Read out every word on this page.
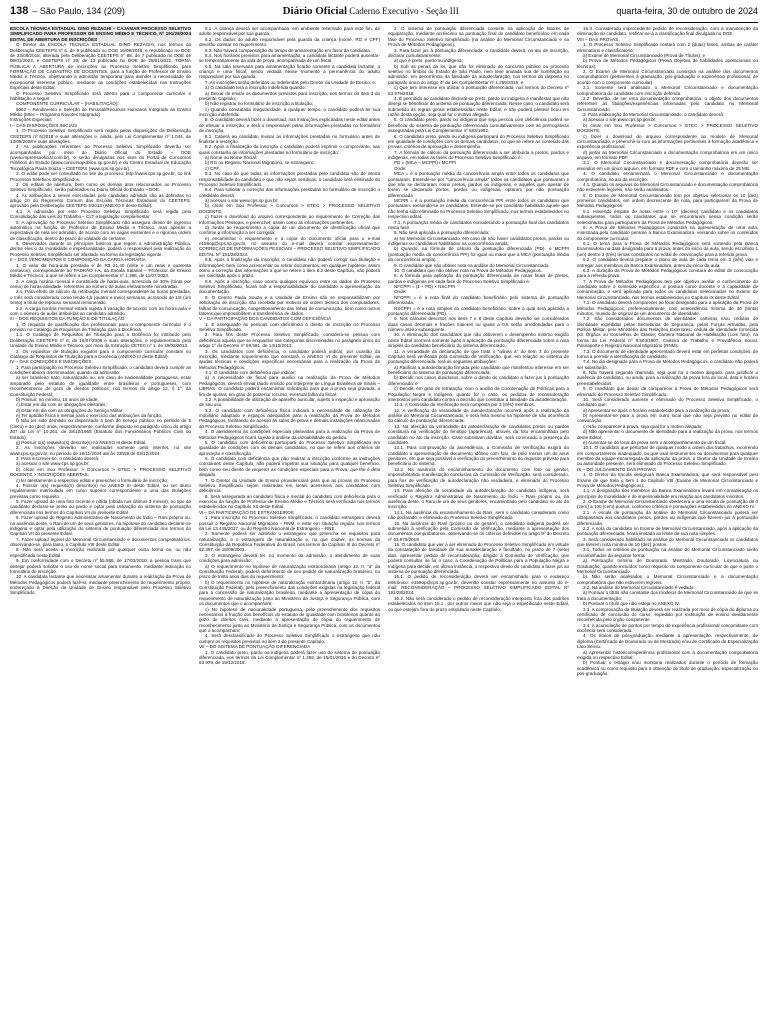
138 – São Paulo, 134 (209)	Diário Oficial Caderno Executivo - Seção III	quarta-feira, 30 de outubro de 2024

ESCOLA TÉCNICA ESTADUAL GINO REZAGHI – CAJAMAR PROCESSO SELETIVO SIMPLIFICADO PARA PROFESSOR DE ENSINO MÉDIO E TÉCNICO, Nº 191/28/2024 EDITAL DE ABERTURA DE INSCRIÇÕES

O Diretor da ESCOLA TÉCNICA ESTADUAL GINO REZAGHI, nos termos da Deliberação CEETEPS nº 6, de 9 publicado no DOE 16/08/2018, e republicado no DOE de 23/08/2018, alterada pela Deliberação CEETEPS nº 88, de 7 publicado no DOE de 09/01/2023, e CEETEPS nº 29, de 13 publicado no DOE de 28/01/2022, TORNA PÚBLICA A ABERTURA de inscrições ao Processo Seletivo Simplificado para FORMAÇÃO DE CADASTRO DE DOCENTES, para a função de Professor de Ensino Médio e Técnico, objetivando a admissão temporária para atender a necessidade de excepcional interesse público, mediante as condições estabelecidas nas Instruções Especiais deste Edital.

O Processo Seletivo Simplificado será aberto para o componente curricular e habilitação a seguir:

COMPONENTE CURRICULAR – (HABILITAÇÃO):

5062 – Rendimento e Seleção de Pessoal/Recursos Humanos Integrado ao Ensino Médio (Mtec – Programa Novotec Integrado)

Instruções Especiais

I – DAS DISPOSIÇÕES INICIAIS

1. O Processo Seletivo Simplificado será regido pelas disposições da Deliberação CEETEPS nº 6/2018 e suas alterações e, ainda, pelo Lei Complementar nº 1.044, de 13/05/2008 e suas alterações.

2. As publicações referentes ao Processo Seletivo Simplificado deverão ser acompanhadas por meio do Diário Oficial do Estado – DOE (www.imprensaoficial.com.br), e serão divulgadas nos sites do Portal de Concursos Públicos do Estado (www.concursopublico.sp.gov.br) e do Centro Estadual de Educação Tecnológica Paula Souza – CEETEPS (www.cps.sp.gov.br).

3. O edital pode ser consultado no site do processo: http://www.cps.sp.gov.br, no link Processos Seletivos Simplificados.

3. Os editais de abertura, bem como os demais atos relacionados ao Processo Seletivo Simplificado, serão publicados no Diário Oficial do Estado – DOE.

4. As atribuições a serem executadas pelo candidato admitido são as definidas no artigo 10 do Regimento Comum das Escolas Técnicas Estaduais do CEETEPS, aprovado pela Deliberação CEETEPS 3/2013 (ANEXO II deste Edital).

4.1. A admissão por este Processo Seletivo Simplificado será regida pela Consolidação das Leis do Trabalho – CLT e legislação complementar.

5. A aprovação no Processo Seletivo Simplificado não assegura direito de ingresso automático na função de Professor de Ensino Médio e Técnico, mas apenas a expectativa de nela ser admitido, de acordo com as vagas existentes e a rigorosa ordem de classificação, dentro do prazo de validade do certame.

6. Observados durante os princípios básicos que regem a Administração Pública, dentre eles o da moralidade e impessoalidade, poderá o responsável pela realização do Processo Seletivo Simplificado ser afastado na forma da legislação vigente.

II – DOS VENCIMENTOS E COMPOSIÇÃO DA CARGA-HORÁRIA

1. O valor da hora-aula prestada é de R$ 21,40 (vinte e um reais e quarenta centavos), correspondente ao PADRÃO I-A, da Escala Salarial – Professor de Ensino Médio e Técnico, a que se refere a Lei Complementar nº 1.388, de 11/07/2023.

2. A carga horária mensal é constituída de horas-aula, acrescida de 30% (trinta por cento) de horas-atividade, referentes ao número de aulas efetivamente ministradas.

2.1. Para efeito de cálculo da retribuição mensal correspondente às horas prestadas, o mês será considerado como tendo 4,5 (quatro e meio) semanas, acrescido de 1/6 (um sexto) a título de repouso semanal remunerado.

2.2. A carga horária mensal estará sujeita à variação de acordo com as horas-aula e com o número de aulas atribuídas ao candidato admitido.

III – DOS REQUISITOS DA FUNÇÃO E DE TITULAÇÃO

1. O requisito de qualificação dos profissionais para o componente curricular é o previsto no Catálogo de Requisitos de Titulação para a Docência.

1.1. O Catálogo de Requisitos de Titulação para a Docência foi instituído pelo Deliberação CEETEPS nº 6, de 16/07/2008 e suas alterações, e regulamentado pela Unidade do Ensino Médio e Técnico, por meio da Instrução CETEC nº 1, de 19/02/2013.

2. Os requisitos de titulação exigidos para o componente curricular constam no Catálogo de Requisitos de Titulação para a Docência (ANEXO III deste Edital).

IV – DAS CONDIÇÕES E INSCRIÇÕES

1. Para participação no Processo Seletivo Simplificado, o candidato deverá cumprir as condições abaixo discriminadas, quando da admissão:

a) ser brasileiro nato, naturalizado ou, em caso de nacionalidade portuguesa, estar amparado pelo estatuto de igualdade entre brasileiros e portugueses, com reconhecimento do gozo de direitos políticos, nos termos do artigo 12, § 1º, da Constituição Federal;

b) Possuir, no mínimo, 18 anos de idade;

c) Estar em dia com as obrigações eleitorais;

d) Estar em dia com as obrigações do Serviço Militar;

e) Ter aptidão física e mental para o exercício das atribuições da função;

f) Não ter sido demitido ou dispensado a bem do serviço público, no período de 5 (cinco) e 10 (dez) anos, respectivamente, conforme disposto no parágrafo único do artigo 307 da Lei nº 10.261, de 28/10/1968 (Estatuto dos Funcionários Públicos Civis do Estado);

g) Possuir o(s) requisito(s) descrito(s) no ANEXO III deste Edital.

2. As inscrições deverão ser realizadas somente pela internet, no site www.cps.sp.gov.br, no período de 19/11/2024 até às 23h59 de 03/12/2024.

3. Para inscrever-se, o candidato deverá:

a) acessar o site www.cps.sp.gov.br;

b) clicar em Sou Professor > Concursos > ETEC > PROCESSO SELETIVO DOCENTE > INSCRIÇÕES ABERTAS;

c) ler atentamente o respectivo edital e preencher o formulário de inscrição;

4. Possuir o(s) requisito(s) descrito(s) no ANEXO III deste Edital, ou ser aluno regularmente matriculado em curso superior correspondente a uma das titulações previstas como requisito.

5. Fazer upload de uma foto recente e nítida (obtida nos últimos 3 meses), no tipo de candidato declarar-se preto ou pardo e optar pela utilização do sistema de pontuação diferenciada nos termos do Capítulo VII do presente Edital.

6. Fazer upload do Registro Administrativo de Nascimento do Índio – Rani próprio ou, na ausência deste, o Rani de um de seus genitores, na hipótese do candidato declarar-se indígena e optar pela utilização do sistema de pontuação diferenciada nos termos do Capítulo VII do presente Edital.

7. Fazer upload legível do Memorial Circunstanciado e documentos comprobatórios, observando-se, para tanto, o Capítulo VIII deste Edital.

8. Não será aceita a inscrição realizada por qualquer outra forma ou, ou não especificada neste Edital.

9. Em conformidade com o Decreto nº 55.588, de 17/03/2010, a pessoa trans que desejar poderá solicitar o uso do nome social para tratamento, mediante indicação no formulário de inscrição.

10. A candidata lactante que necessitar amamentar durante a realização da Prova de Métodos Pedagógicos poderá fazê-lo, mediante preenchimento de requerimento próprio, endereçado à Direção da Unidade de Ensino responsável pelo Processo Seletivo Simplificado.

6.1. A criança deverá ser acompanhada, em ambiente reservado para este fim, de adulto responsável por sua guarda.

6.2. Os dados do adulto responsável pela guarda da criança (nome, RG e CPF) deverão constar no requerimento.

6.3. Não haverá compensação do tempo de amamentação em favor da candidata.

6.4. Nos horários previstos para amamentação, a candidata lactante poderá ausentar-se temporariamente da sala de prova, acompanhada de um fiscal.

6.5. Na sala reservada para amamentação ficarão somente a candidata lactante, a criança e uma fiscal, sendo vedada nesse momento a permanência do adulto responsável por sua guarda.

7. As inscrições serão deferidas ou indeferidas pelo Diretor da Unidade de Ensino, e:

a) O candidato terá a inscrição indeferida quando:

a) Deixar de enviar os documentos previstos para inscrição, nos termos do item 3 do presente Capítulo;

b) Não registrar no formulário de inscrição a titulação;

c) Quando constatada irregularidade, a qualquer tempo, o candidato poderá ter sua inscrição indeferida.

8. O candidato deverá fazer o download, nas instruções explicitadas neste edital antes de efetuar a inscrição, e será o responsável pelas informações prestadas no formulário de inscrição.

8.1. Caberá ao candidato revisar as informações prestadas no formulário antes de finalizar a inscrição.

8.2. Após a finalização da inscrição o candidato poderá imprimir o comprovante, nas quais constarão as informações prestadas no formulário de inscrição:

a) Nome ou Nome Social;

b) RG ou Registro Nacional Migratório, se estrangeiro;

c) CPF.

8.3. No caso de que todas as informações prestadas pelo candidato são de inteira responsabilidade do candidato e que não sejam verídicas, o candidato será eliminado do Processo Seletivo Simplificado.

8.4. Para solicitar a correção das informações prestadas no formulário de inscrição o candidato deverá:

a) acessar o site www.cps.sp.gov.br;

b) clicar em Sou Professor > Concursos > ETEC > PROCESSO SELETIVO DOCENTE;

c) Fazer o download do arquivo correspondente ao requerimento de Correção das Informações Pessoais, e preencher, assim como as informações pertinentes.

d) Juntar ao requerimento a cópia de um documento de identificação oficial que confirme a informação a ser corrigida;

e) encaminhar o requerimento e a cópia do documento oficial para o e-mail e159op@cps.sp.gov.br, no assunto do e-mail deverá constar expressamente: CORREÇÃO DE INFORMAÇÕES PESSOAIS – PROCESSO SELETIVO SIMPLIFICADO EDITAL Nº 191/28/2024.

8.5. Após a finalização da inscrição, o candidato não poderá corrigir sua titulação e informações, bem como acrescentar ou retirar documentos, em qualquer hipótese, assim como a correção das informações a que se refere o item 8.2 deste Capítulo, não poderá ser solicitada após o prazo.

8.6. Após a inscrição, caso ocorra qualquer equívoco entre os dados do Processo Seletivo Simplificado, ficará sob a responsabilidade do candidato a apresentação da documentação.

9. O Centro Paula Souza e a Unidade de Ensino não se responsabilizam por solicitação de inscrição não recebida por motivos de ordem técnica dos computadores, falhas de comunicação, congestionamento das linhas de comunicação, bem como outros fatores que impossibilitem a transferência de dados.

V – DA PARTICIPAÇÃO DOS CANDIDATOS COM DEFICIÊNCIA

1. É assegurado às pessoas com deficiência o direito de inscrição no Processo Seletivo Simplificado.

2. Para fins deste Processo Seletivo Simplificado, considera-se pessoa com deficiência aquela que se enquadrar nas categorias discriminadas no parágrafo único do artigo 1º do Decreto nº 59.591, de 14/10/2013.

3. Os candidatos com deficiência, o candidato poderá indicar, por ocasião da inscrição, mediante requerimento que constará, o ANEXO VI do presente Edital, as ajudas técnicas e condições específicas necessárias para a realização da Prova de Métodos Pedagógicos.

3.1. O candidato com deficiência que indicar:

a) A necessidade de fiscal para auxílio na realização da Prova de Métodos Pedagógicos, deverá enviar laudo emitido por intérprete de Língua Brasileira de Sinais – LIBRAS. O candidato poderá encaminhar solicitação para que a prova seja gravada, a fim de ajustar, em grau de posterior recurso, eventual falha do fiscal.

3.2. A possibilidade de utilização de aparelho auricular, sujeito à inspeção e aprovação de seu uso.

3.3. O candidato com deficiência física indicará a necessidade de utilização de mobiliário adaptado e espaços adequados para a realização da Prova de Métodos Pedagógicos, facilitando de acesso às salas de prova e demais instalações relacionadas ao Processo Seletivo Simplificado.

4. O atendimento às condições especiais pleiteadas para a realização da Prova de Métodos Pedagógicos ficará sujeito à análise da razoabilidade do pedido.

5. O candidato com deficiência participará do Processo Seletivo Simplificado em igualdade de condições com os demais candidatos, no que se referir aos critérios de aprovação e classificação.

6. O candidato com deficiência que não realizar a inscrição conforme as instruções constantes deste Capítulo, não poderá impetrar sua situação para qualquer benefício, bem como seu direito de requerer as condições especiais para a Prova, que lhe é dela alegado.

7. O Diretor da Unidade de Ensino providenciará para que as provas do Processo Seletivo Simplificado sejam realizadas em locais acessíveis aos candidatos com deficiência.

8. Será assegurada ao candidato física e mental do candidato com deficiência para o exercício da função de Professor de Ensino Médio e Técnico será verificada nos termos estabelecidos no Capítulo XII deste Edital.

VI – DA PARTICIPAÇÃO DE ESTRANGEIROS

1. Para inscrição no Processo Seletivo Simplificado, o candidato estrangeiro deverá possuir o Registro Nacional Migratório – RNM, e estar em situação regular, nos termos da Lei 13.445/2017, ou do Registro Nacional de Estrangeiro – RNE.

2. Somente poderá ser admitido o estrangeiro que preencha os requisitos para naturalização, e o estrangeiro de naturalização e, no que couber, as normas da Constituição da República Federativa do Brasil, nos termos do Capítulo III do Decreto nº 62.397, de 15/09/2001.

3. O estrangeiro deverá ter, no momento da admissão, o atendimento de suas condições para admissão:

a) O requerimento no hipótese de naturalização extraordinária (artigo 12, II, "a" da Constituição Federal), poderá deferimento de seu pedido de naturalização brasileiro, no prazo de trinta anos dias do requerimento;

b) O requerimento no hipótese de naturalização extraordinária (artigo 12, II, "b", da Constituição Federal), pelo preenchimento das condições exigidas na legislação federal para a concessão de naturalização brasileira, mediante a apresentação de cópia do requerimento de naturalização junto ao Ministério da Justiça e Segurança Pública, com os documentos que o acompanham;

c) No hipótese de nacionalidade portuguesa, pelo preenchimento dos requisitos necessários à fruição dos benefícios do estatuto de igualdade com brasileiros quanto ao gozo de direitos civis, mediante a apresentação de cópia do requerimento de reconhecimento junto ao Ministério da Justiça e Segurança Pública, com os documentos que o acompanham;

4. Será desclassificado do Processo Seletivo Simplificado o estrangeiro que não cumprir os requisitos previstos no item 2 do presente Capítulo.

VII – DO SISTEMA DE PONTUAÇÃO DIFERENCIADA

1. O candidato preto, pardo ou indígena poderá fazer uso do sistema de pontuação diferenciada, nos termos da Lei Complementar nº 1.259, de 15/01/2015 e do Decreto nº 63.979, de 19/12/2018.

2. O sistema de pontuação diferenciada consiste na aplicação de fatores de equiparação, mediante acréscimo na pontuação final do candidato beneficiário em cada fase do Processo Seletivo Simplificado (na análise do Memorial Circunstanciado e na Prova de Métodos Pedagógicos).

3. Para fazer jus à pontuação diferenciada, o candidato deverá, no ato de inscrição, declarar cumulativamente:

a) que é preto, pardo ou indígena;

b) Sob as penas da lei, que não foi eliminado de concurso público ou processo seletivo no âmbito do Estado de São Paulo, nem teve anulada sua de nomeação ou admissão, em decorrência da falsidade da autodeclaração, nos termos do disposto no parágrafo único do artigo 4º da Lei Complementar nº 1.259/2015; e

c) Que tem interesse em utilizar a pontuação diferenciada, nos termos do Decreto nº 63.979/2018.

4. É permitido ao candidato declarar-se preto, pardo ou indígena e manifestar que não deseja se beneficiar do sistema de pontuação diferenciada. Nesse caso, o candidato será submetido às regras gerais estabelecidas neste Edital, e não poderá pleitear ficou em razão desta opção, seja qual for o motivo alegado.

5. O candidato preto, pardo ou indígena que seja pessoa com deficiência poderá se beneficiar do sistema de pontuação diferenciada cumulativamente com as prerrogativas asseguradas pela Lei Complementar nº 683/1992.

6. O candidato preto, pardo ou indígena participará do Processo Seletivo Simplificado em igualdade de condições com os demais candidatos, no que se refere ao conteúdo das provas, critérios de aprovação e desempenho.

7. A fórmula de cálculo da pontuação diferenciada a ser atribuída a pretos, pardos e indígenas, em todas as fases do Processo Seletivo Simplificado é:

PD = (MCA – MCPPI) / MCPPI

Onde:

MCA = é a pontuação média da concorrência ampla entre todos os candidatos que pontuaram. Entende-se por "concorrência ampla" todos os candidatos que pontuaram e que não se declararam como pretos, pardos ou indígenas, e aqueles que, apesar de terem se declarado pretos, pardos ou indígenas, optaram por não pontuação diferenciada.

MCPPI = é a pontuação média da concorrência PPI entre todos os candidatos que pontuaram, excluindo-se os candidatos. Entende-se por candidato habilitado aquele que não tenha sido eliminado no Processo Seletivo Simplificado, nos termos estabelecidos no respectivo edital.

7.1. A pontuação média de candidatos considerando a pontuação final dos candidatos nesta fase.

8. Não será aplicada a pontuação diferenciada:

a) No Memorial Circunstanciado, em caso de não haver candidatos pretos, pardos ou indígenas ou candidatos habilitados na concorrência ampla;

b) Quando, na fórmula de cálculo da pontuação diferenciada (PD), o MCPPI (pontuação média da concorrência PPI) for igual ou maior que a MCA (pontuação média da concorrência ampla).

9. O candidato que não obtiver nota na análise do Memorial Circunstanciado.

10. O candidato que não obtiver nota na Prova de Métodos Pedagógicos.

8. A fórmula para aplicação da pontuação diferenciada às notas finais de pretos, pardos e indígenas em cada fase do Processo Seletivo Simplificado é:

NFCPPI = (1 + PD) × NSCPPI

Onde:

NFCPPI = é a nota final do candidato beneficiário pelo sistema de pontuação diferenciada.

NSCPPI = é a nota simples do candidato beneficiário, sobre a qual será aplicada a pontuação diferenciada (PD).

9. Nos cálculos descritos nos itens 7 e 8 deste Capítulo deverão ser considerados duas casas decimais e frações maiores ou iguais a 0,5 serão arredondadas para o número inteiro subsequente.

10. A eliminação dos candidatos que não obtiverem o desempenho mínimo exigido neste Edital ocorrerá somente após a aplicação da pontuação diferenciada sobre a nota simples do candidato beneficiário do sistema diferenciado.

11. A veracidade da declaração de que trata o "alínea a" do item 3 do presente Capítulo será verificada pela Comissão de Verificação, que, em relação ao sistema de pontuação diferenciada, terá as seguintes atribuições:

a) Ratificar a autodeclaração firmada pelo candidato que manifestou interesse em ser beneficiário do sistema de pontuação diferenciada;

b) Decidir nos casos duvidosos, sobre o direito do candidato a fazer jus à pontuação diferenciada; e

c) Decidir, em grau de retratação, com o auxílio da Coordenação de Políticas para a População Negra e Indígena, quanto for o caso, os pedidos de reconsideração interpostos pelo candidato contra a decisão que constatar a falsidade da autodeclaração.

11.1. A Comissão de Verificação será composta por 3 (três) membros.

12. A verificação da veracidade da autodeclaração ocorrerá após a realização da análise do Memorial Circunstanciado, e será feita mesmo na hipótese de não ocorrência do cálculo da pontuação diferenciada.

13. Na aferição da veracidade da autodeclaração de candidatos pretos ou pardos constituirá na verificação do fenótipo (aparência), através da foto encaminhada pelo candidato no ato da inscrição. Caso subsistam dúvidas, será convocado a presença do candidato.

13.1. Para comprovação da ascendência, a Comissão de Verificação exigirá do candidato a apresentação de documento idôneo com foto, de pelo menos um de seus genitores, em que seja possível a verificação do preenchimento do requisito previsto para beneficiário do sistema.

13.2. Na ausência do encaminhamento do documento com foto ou genitor, impossibilitando manifestação conclusiva da Comissão de Verificação, será considerado, para fins de verificação de autodeclaração não verdadeira, e eliminado do Processo Seletivo Simplificado.

14. Para aferição da veracidade da autodeclaração do candidato indígena, será verificado o Registro Administrativo de Nascimento do Índio – Rani próprio ou, na ausência deste, o Rani de um de seus genitores, encaminhado pelo candidato no ato da inscrição.

14.1. Na ausência do encaminhamento do Rani, será o candidato considerado como não declarado, e eliminado do Processo Seletivo Simplificado.

15. Na ausência do Rani (próprio ou do genitor), o candidato indígena poderá ser submetido à verificação pela Comissão de Verificação, mediante a apresentação dos documentos comprobatórios, observando-se os critérios definidos no artigo 9º do Decreto nº 63.979/2018.

16. O candidato que vier a ser eliminado do Processo Seletivo Simplificado em virtude da constatação de falsidade de sua autodeclaração e facultado, no prazo de 7 (sete) dias, apresentar pedido de reconsideração, dirigido à Comissão de Verificação, que poderá consultar, se for o caso, a Coordenação de Políticas para a População Negra e Indígena para decidir, em última instância, o respectivo direito do candidato a fazer jus ao sistema de pontuação diferenciada.

16.1. O pedido de reconsideração deverá ser encaminhado para o endereço eletrônico: e159op@cps.sp.gov.br, devendo constar expressamente no assunto do e-mail: RECONSIDERAÇÃO – PROCESSO SELETIVO SIMPLIFICADO EDITAL Nº 191/28/2024.

16.2. Não será considerado o pedido de reconsideração interposto fora dos padrões estabelecidos no item 15.1., por outros meios que não seja o especificado neste Edital, ou que estejam fora do prazo estipulado neste Capítulo.

15.3. Considerado improcedente pedido de reconsideração, com a manutenção da eliminação do candidato, retificar-se-á a classificação final divulgada no DOE.

VIII – DAS PROVAS

1. O Processo Seletivo Simplificado contará com 2 (duas) fases, ambas de caráter eliminatório e classificatório:

a) Exame de Memorial Circunstanciado (Prova de Títulos); e

b) Prova de Métodos Pedagógicos (Prova Objetiva de habilidades operacionais ou técnicas).

2. O Exame de Memorial Circunstanciado consistirá na análise dos documentos comprobatórios (pertinentes à graduação, pós-graduação e experiência profissional, de acordo com o componente curricular).

2.1. Somente será analisado o Memorial Circunstanciado e documentação comprobatória do candidato com inscrição deferida.

2.2. Deverão, de ser uma documentação comprobatória, o objeto dos documentos referentes às titulações/experiências informadas pelo candidato no Memorial Circunstanciado.

3. Para elaboração do Memorial Circunstanciado, o candidato deverá:

a) acessar o site www.cps.sp.gov.br;

b) clicar em Sou Professor > Concursos > ETEC > PROCESSO SELETIVO DOCENTE;

c) fazer o download do arquivo correspondente ao modelo de Memorial Circunstanciado, e preenchê-lo com as informações pertinentes à formação acadêmica e experiência profissional.

d) juntar ao Memorial Circunstanciado a documentação comprobatória em um único arquivo, em formato PDF.

3.1. O Memorial Circunstanciado e documentação comprobatória deverão ser enviados em um único arquivo, em formato PDF e com o tamanho máximo de 25 MB.

4. O candidato encaminhará o Memorial Circunstanciado e documentação comprobatória, no ato da inscrição.

4.1. Quando os arquivos do Memorial Circunstanciado e documentação comprobatória não estiverem legíveis, não serão analisados.

5. O Exame de Memorial Circunstanciado tem por objetivo selecionar os 10 (dez) primeiros candidatos, em ordem decrescente de nota, para participarem da Prova de Métodos Pedagógicos.

5.1. Havendo empate de notas entre o 10º (décimo) candidato e os candidatos subsequentes, todos os candidatos que se encontrarem nessa condição serão selecionados para participarem da Prova de Métodos Pedagógicos.

6. A Prova de Métodos Pedagógicos consistirá na apresentação de uma aula, ministrada pelo candidato perante a Banca Examinadora, versando sobre os conteúdos do componente curricular.

6.1. O tema para a Prova de Métodos Pedagógicos será sorteado pela Banca Examinadora na data designada para a prova, antes do início da aula, sendo escolhido 1 (um) dentre 3 (três) temas constantes no edital de convocação para a referida prova.

6.2. O candidato deverá preparar o plano de aula de cada tema em 3 (três) vias e entregar aos membros da Banca Examinadora, antes do início da aula.

6.3. A duração da Prova de Métodos Pedagógicos constará do edital de convocação para a referida prova.

7. A Prova de Métodos Pedagógicos tem por objetivo avaliar o conhecimento do candidato sobre o conteúdo específico, a postura como docente e a capacidade de comunicação, e será aplicada para todos os candidatos selecionados no Exame de Memorial Circunstanciado, nos termos estabelecidos no Capítulo IX deste Edital.

7.1. O candidato deverá comparecer ao local designado para a aplicação da Prova de Métodos Pedagógicos, preferencialmente, com antecedência mínima de 30 (trinta) minutos, munido de original de um documento de identidade.

7.2. São considerados documentos de identidade: carteiras e/ou cédulas de identidade expedidas pelas Secretarias de Segurança, pelas Forças Armadas, pela Polícia Militar, pelo Ministério das Relações Exteriores; cédula de identidade fornecida por Órgãos ou Conselhos de Classe; Carteira Nacional de Habilitação (com foto), na forma da Lei Federal nº 9.503/1997, Carteira de Trabalho e Previdência Social, Passaporte e Registro Nacional Migratório (RNM).

7.3. O documento de identidade apresentado deverá estar em perfeitas condições, de forma a permitir a identificação do candidato.

7.4. No dia designado para a Prova de Métodos Pedagógicos, o candidato não poderá ser substituído.

8. Não haverá segunda chamada, seja qual for o motivo alegado, para justificar a ausência do candidato, ou ainda, para a realização da prova fora do local, data e horário preestabelecidos.

9. O candidato que deixar de comparecer à Prova de Métodos Pedagógicos será eliminado do Processo Seletivo Simplificado.

10. Será considerado ausente e eliminado do Processo Seletivo Simplificado, o candidato que:

a) Apresentar-se após o horário estabelecido para a realização da prova;

b) Apresentar-se para a prova em outro local que não seja previsto no edital de convocação;

c) Não comparecer à prova, seja qual for o motivo alegado;

d) Não apresentar o documento de identidade para a realização da prova, nos termos deste Edital;

e) Ausentar-se do local da prova sem o acompanhamento de um fiscal.

10.1. O candidato que perturbar de qualquer modo a ordem dos trabalhos, incorrendo em comportamento inadequado, ou que usar instrumentos ou documentos para qualquer membro da equipe encarregada da aplicação da prova, o Diretor da Unidade de Ensino ou autoridade presente, será eliminado do Processo Seletivo Simplificado.

IX – DO JULGAMENTO DAS PROVAS

1. O Diretor da Escola designará Banca Examinadora, que será responsável pelo Exame de que trata o item 1 do Capítulo VIII (Exame de Memorial Circunstanciado e Prova de Métodos Pedagógicos).

1.1. A designação dos membros da Banca Examinadora levará em consideração os princípios de moralidade e de impessoalidade em relação aos candidatos inscritos.

2. O Exame de Memorial Circunstanciado obedecerá a uma escala de pontuação de 0 (zero) a 100 (cem) pontos, conforme critérios e pontuações estabelecidos no ANEXO IV.

2.1. A escala de pontuação da análise do Memorial Circunstanciado poderá ser ultrapassada aos candidatos pretos, pardos ou indígenas que fizerem jus à pontuação diferenciada.

2.2. A nota do candidato no Exame de Memorial Circunstanciado, após a aplicação da pontuação diferenciada, ficará limitada ao limite de sua nota simples.

3. Será considerado habilitado na análise do Memorial Circunstanciado os candidatos que tiverem nota mínima de 10 (dez) pontos.

3.1. Todos os critérios de pontuação na análise do Memorial Circunstanciado serão encaminhados da seguinte forma:

a) Pontuação mínima de Doutorado, Mestrado, Doutorado, Licenciatura ou Graduação, quando incluídos como requisito do componente curricular de que é parte o Memorial Circunstanciado.

b) Não serão analisados o Memorial Circunstanciado e a documentação comprobatória que não estiverem legíveis.

3.2. Na análise do Memorial Circunstanciado é vedado:

a) Pontuar o título não constante dos modelos de Memorial Circunstanciado de que se trata a documentação;

b) Pontuar o título que não esteja no ANEXO IV.

3.3. A comprovação da titulação deverá ser realizada por meio de cópia do diploma ou certificado de conclusão do curso, expedido por instituição de ensino devidamente reconhecida pelo órgão competente.

3.4. A acumulação de pontos por tempo de experiência profissional concomitante com docência será considerada.

4. Os títulos de pós-graduação mediante a apresentação, respectivamente, de diploma (Certificado de Doutorado ou de Mestrado) e/ou de Certificado de Especialização Lato Sensu.

a) Apresentar histórico/experiência profissional com a documentação comprobatória exigida no respectivo Edital;

b) Pontuar o estágio e/ou monitoria realizados durante o período de formação acadêmica ou como requisito para a obtenção de título de graduação, especialização ou pós-graduação.
